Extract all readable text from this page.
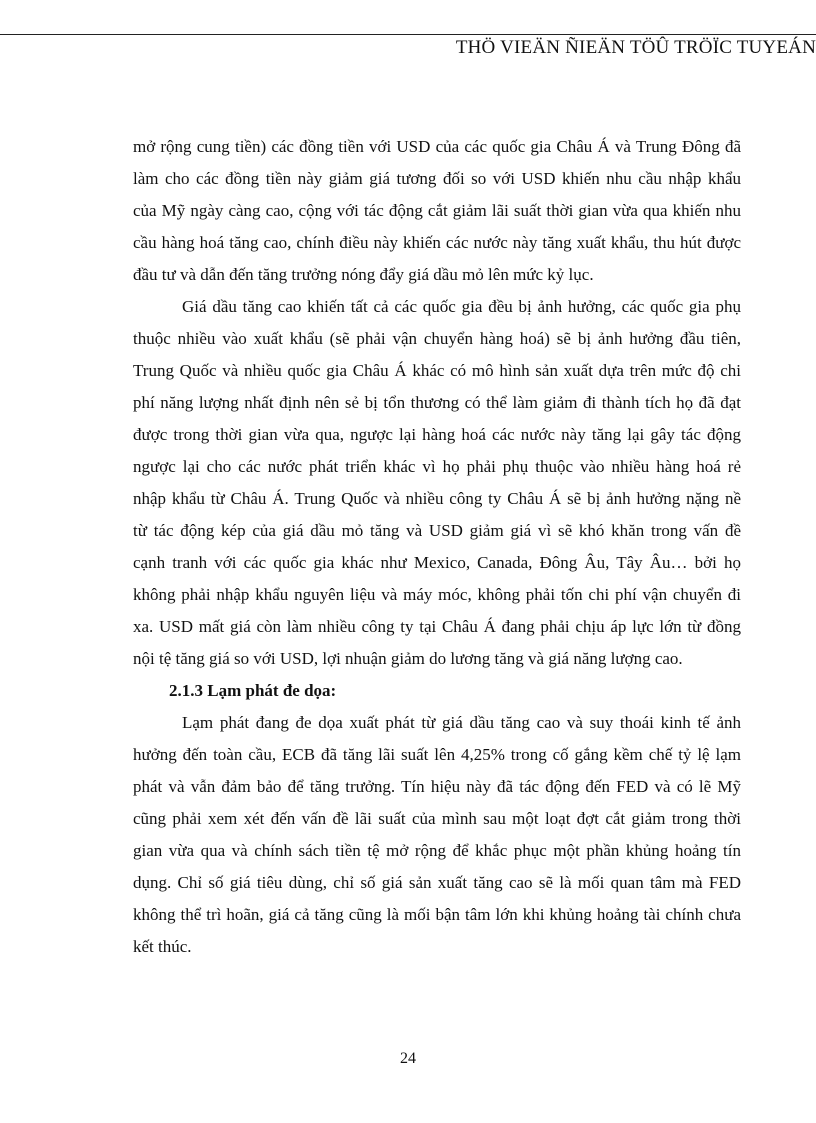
THÖ VIEÄN ÑIEÄN TÖÛ TRÖÏC TUYEÁN
mở rộng cung tiền) các đồng tiền với USD của các quốc gia Châu Á và Trung Đông đã
làm cho các đồng tiền này giảm giá tương đối so với USD khiến nhu cầu nhập khẩu
của Mỹ ngày càng cao, cộng với tác động cắt giảm lãi suất thời gian vừa qua khiến nhu
cầu hàng hoá tăng cao, chính điều này khiến các nước này tăng xuất khẩu, thu hút được
đầu tư và dẫn đến tăng trưởng nóng đẩy giá dầu mỏ lên mức kỷ lục.
Giá dầu tăng cao khiến tất cả các quốc gia đều bị ảnh hưởng, các quốc gia phụ
thuộc nhiều vào xuất khẩu (sẽ phải vận chuyển hàng hoá) sẽ bị ảnh hưởng đầu tiên,
Trung Quốc và nhiều quốc gia Châu Á khác có mô hình sản xuất dựa trên mức độ chi
phí năng lượng nhất định nên sẻ bị tổn thương có thể làm giảm đi thành tích họ đã đạt
được trong thời gian vừa qua, ngược lại hàng hoá các nước này tăng lại gây tác động
ngược lại cho các nước phát triển khác vì họ phải phụ thuộc vào nhiều hàng hoá rẻ
nhập khẩu từ Châu Á. Trung Quốc và nhiều công ty Châu Á sẽ bị ảnh hưởng nặng nề
từ tác động kép của giá dầu mỏ tăng và USD giảm giá vì sẽ khó khăn trong vấn đề
cạnh tranh với các quốc gia khác như Mexico, Canada, Đông Âu, Tây Âu… bởi họ
không phải nhập khẩu nguyên liệu và máy móc, không phải tốn chi phí vận chuyển đi
xa. USD mất giá còn làm nhiều công ty tại Châu Á đang phải chịu áp lực lớn từ đồng
nội tệ tăng giá so với USD, lợi nhuận giảm do lương tăng và giá năng lượng cao.
2.1.3 Lạm phát đe dọa:
Lạm phát đang đe dọa xuất phát từ giá dầu tăng cao và suy thoái kinh tế ảnh
hưởng đến toàn cầu, ECB đã tăng lãi suất lên 4,25% trong cố gắng kềm chế tỷ lệ lạm
phát và vẫn đảm bảo để tăng trưởng. Tín hiệu này đã tác động đến FED và có lẽ Mỹ
cũng phải xem xét đến vấn đề lãi suất của mình sau một loạt đợt cắt giảm trong thời
gian vừa qua và chính sách tiền tệ mở rộng để khắc phục một phần khủng hoảng tín
dụng. Chỉ số giá tiêu dùng, chỉ số giá sản xuất tăng cao sẽ là mối quan tâm mà FED
không thể trì hoãn, giá cả tăng cũng là mối bận tâm lớn khi khủng hoảng tài chính chưa
kết thúc.
24
